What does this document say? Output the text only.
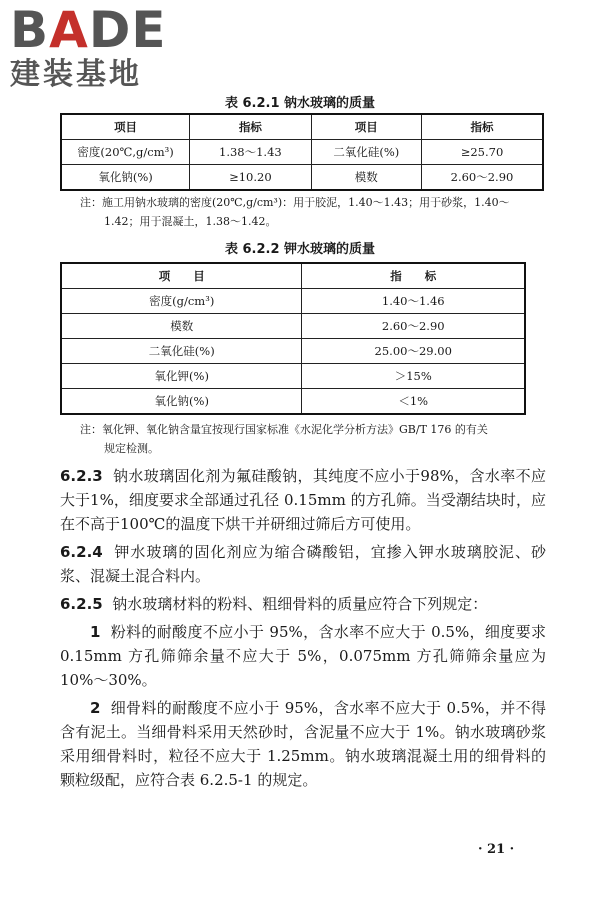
BADE
建装基地
表 6.2.1 钠水玻璃的质量
项目	指标	项目	指标
密度(20℃,g/cm³)	1.38～1.43	二氧化硅(%)	≥25.70
氧化钠(%)	≥10.20	模数	2.60～2.90
注：施工用钠水玻璃的密度(20℃,g/cm³)：用于胶泥，1.40～1.43；用于砂浆，1.40～
1.42；用于混凝土，1.38～1.42。
表 6.2.2 钾水玻璃的质量
项　　目	指　　标
密度(g/cm³)	1.40～1.46
模数	2.60～2.90
二氧化硅(%)	25.00～29.00
氧化钾(%)	＞15%
氧化钠(%)	＜1%
注：氧化钾、氧化钠含量宜按现行国家标准《水泥化学分析方法》GB/T 176 的有关
规定检测。

6.2.3 钠水玻璃固化剂为氟硅酸钠，其纯度不应小于98%，含水率不应大于1%，细度要求全部通过孔径 0.15mm 的方孔筛。当受潮结块时，应在不高于100℃的温度下烘干并研细过筛后方可使用。

6.2.4 钾水玻璃的固化剂应为缩合磷酸铝，宜掺入钾水玻璃胶泥、砂浆、混凝土混合料内。

6.2.5 钠水玻璃材料的粉料、粗细骨料的质量应符合下列规定：

1 粉料的耐酸度不应小于 95%，含水率不应大于 0.5%，细度要求 0.15mm 方孔筛筛余量不应大于 5%，0.075mm 方孔筛筛余量应为 10%～30%。

2 细骨料的耐酸度不应小于 95%，含水率不应大于 0.5%，并不得含有泥土。当细骨料采用天然砂时，含泥量不应大于 1%。钠水玻璃砂浆采用细骨料时，粒径不应大于 1.25mm。钠水玻璃混凝土用的细骨料的颗粒级配，应符合表 6.2.5-1 的规定。

· 21 ·
